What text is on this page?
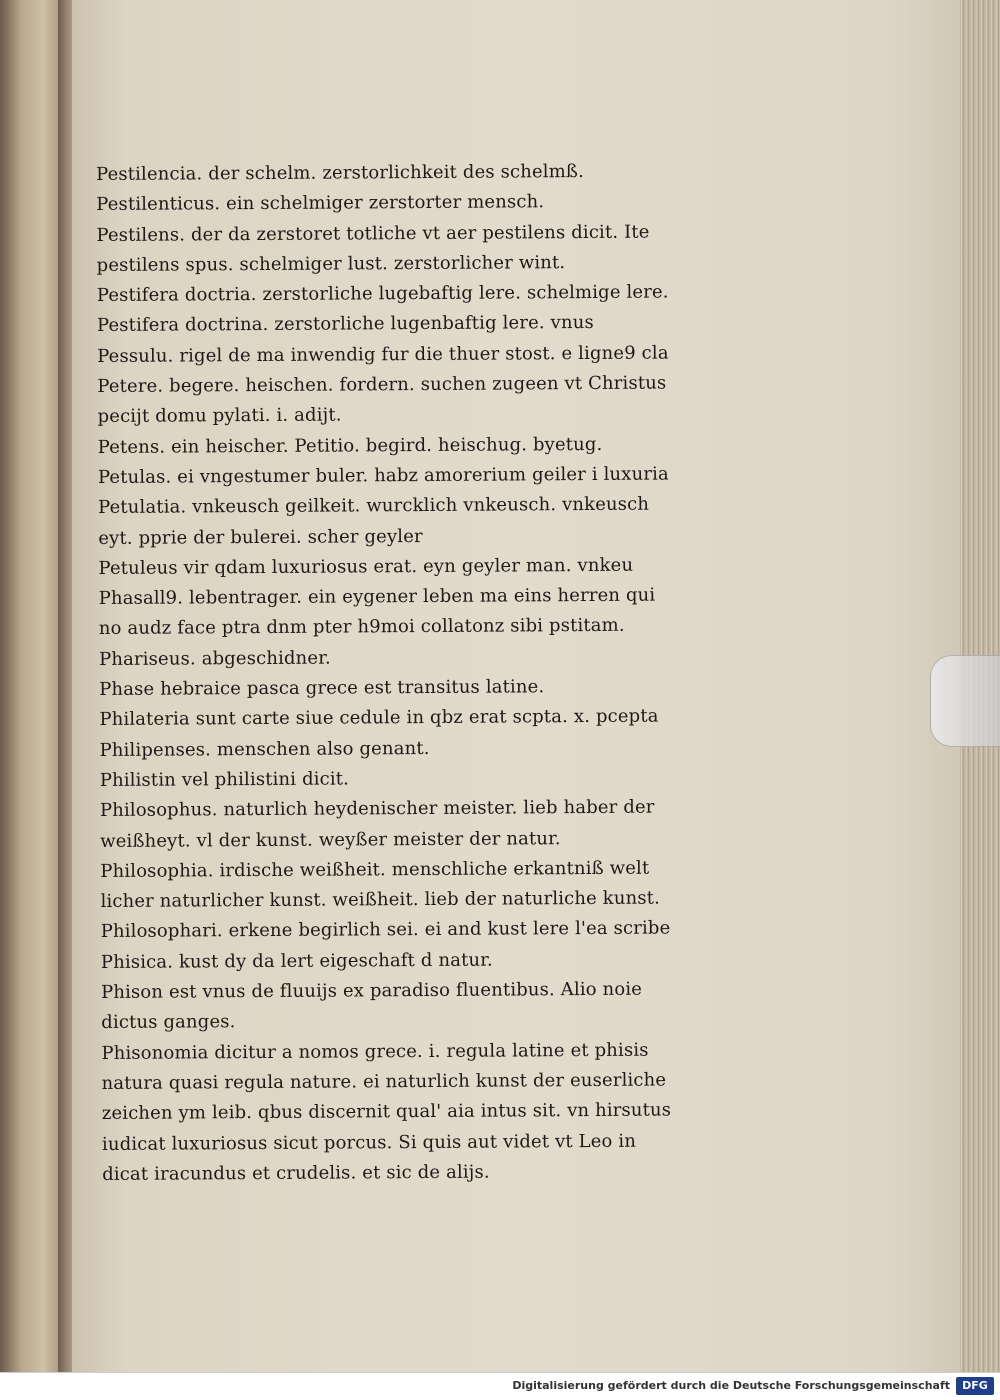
Pestilencia. der schelm. zerstorlichkeit des schelmß.
Pestilenticus. ein schelmiger zerstorter mensch.
Pestilens. der da zerstoret totliche vt aer pestilens dicit. Ite
pestilens spus. schelmiger lust. zerstorlicher wint.
Pestifera doctria. zerstorliche lugebaftig lere. schelmige lere.
Pestifera doctrina. zerstorliche lugenbaftig lere. vnus
Pessulu. rigel de ma inwendig fur die thuer stost. e ligne9 cla
Petere. begere. heischen. fordern. suchen zugeen vt Christus
pecijt domu pylati. i. adijt.
Petens. ein heischer. Petitio. begird. heischug. byetug.
Petulas. ei vngestumer buler. habz amorerium geiler i luxuria
Petulatia. vnkeusch geilkeit. wurcklich vnkeusch. vnkeusch
eyt. pprie der bulerei. scher geyler
Petuleus vir qdam luxuriosus erat. eyn geyler man. vnkeu
Phasall9. lebentrager. ein eygener leben ma eins herren qui
no audz face ptra dnm pter h9moi collatonz sibi pstitam.
Phariseus. abgeschidner.
Phase hebraice pasca grece est transitus latine.
Philateria sunt carte siue cedule in qbz erat scpta. x. pcepta
Philipenses. menschen also genant.
Philistin vel philistini dicit.
Philosophus. naturlich heydenischer meister. lieb haber der
weißheyt. vl der kunst. weyßer meister der natur.
Philosophia. irdische weißheit. menschliche erkantniß welt
licher naturlicher kunst. weißheit. lieb der naturliche kunst.
Philosophari. erkene begirlich sei. ei and kust lere l'ea scribe
Phisica. kust dy da lert eigeschaft d natur.
Phison est vnus de fluuijs ex paradiso fluentibus. Alio noie
dictus ganges.
Phisonomia dicitur a nomos grece. i. regula latine et phisis
natura quasi regula nature. ei naturlich kunst der euserliche
zeichen ym leib. qbus discernit qual' aia intus sit. vn hirsutus
iudicat luxuriosus sicut porcus. Si quis aut videt vt Leo in
dicat iracundus et crudelis. et sic de alijs.
Digitalisierung gefördert durch die Deutsche Forschungsgemeinschaft	DFG
